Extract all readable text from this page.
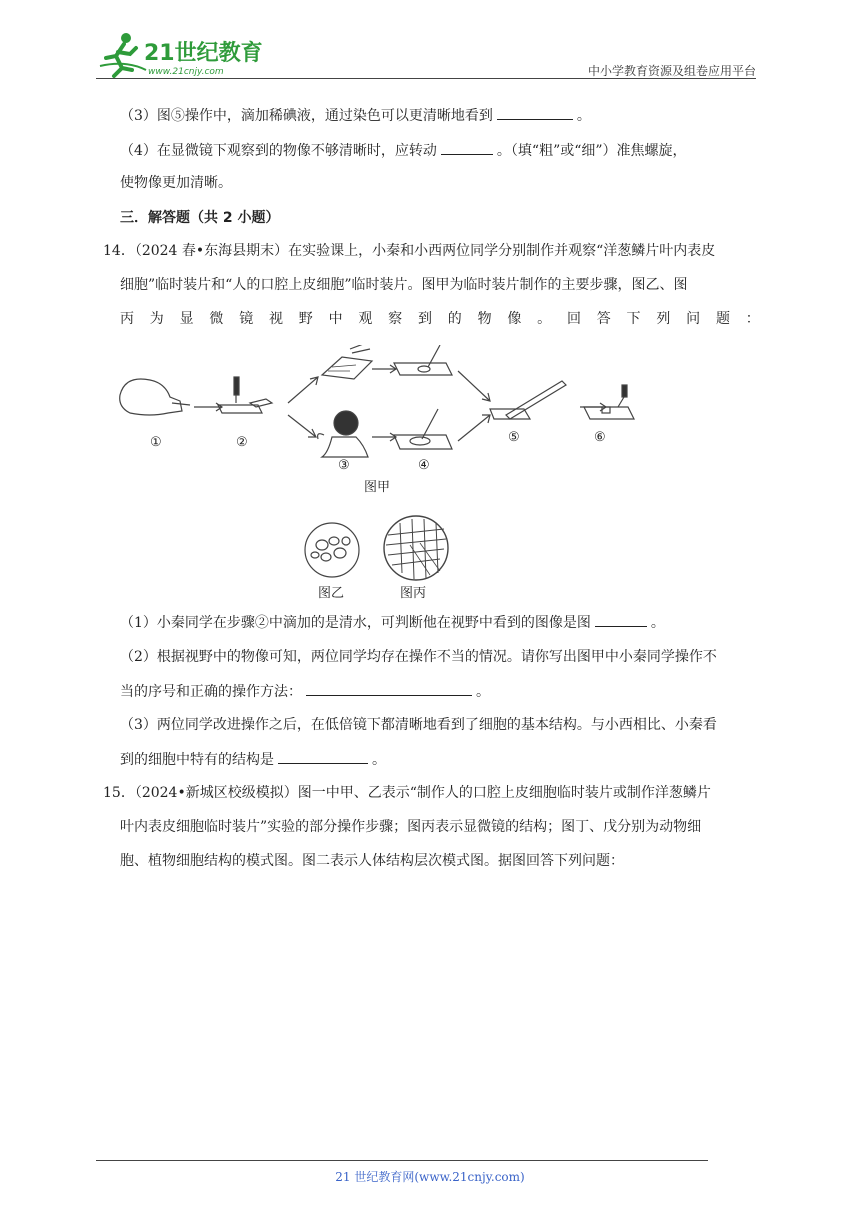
21世纪教育
www.21cnjy.com	中小学教育资源及组卷应用平台
（3）图⑤操作中，滴加稀碘液，通过染色可以更清晰地看到	。
（4）在显微镜下观察到的物像不够清晰时，应转动	。（填“粗”或“细”）准焦螺旋，
使物像更加清晰。
三．解答题（共 2 小题）
14．（2024 春•东海县期末）在实验课上，小秦和小西两位同学分别制作并观察“洋葱鳞片叶内表皮
细胞”临时装片和“人的口腔上皮细胞”临时装片。图甲为临时装片制作的主要步骤，图乙、图
丙 为 显 微 镜 视 野 中 观 察 到 的 物 像 。 回 答 下 列 问 题 ：
①	②
③	④
⑤	⑥
图甲
图乙	图丙
（1）小秦同学在步骤②中滴加的是清水，可判断他在视野中看到的图像是图	。
（2）根据视野中的物像可知，两位同学均存在操作不当的情况。请你写出图甲中小秦同学操作不
当的序号和正确的操作方法：	。
（3）两位同学改进操作之后，在低倍镜下都清晰地看到了细胞的基本结构。与小西相比、小秦看
到的细胞中特有的结构是	。
15．（2024•新城区校级模拟）图一中甲、乙表示“制作人的口腔上皮细胞临时装片或制作洋葱鳞片
叶内表皮细胞临时装片”实验的部分操作步骤；图丙表示显微镜的结构；图丁、戊分别为动物细
胞、植物细胞结构的模式图。图二表示人体结构层次模式图。据图回答下列问题：
21 世纪教育网(www.21cnjy.com)
